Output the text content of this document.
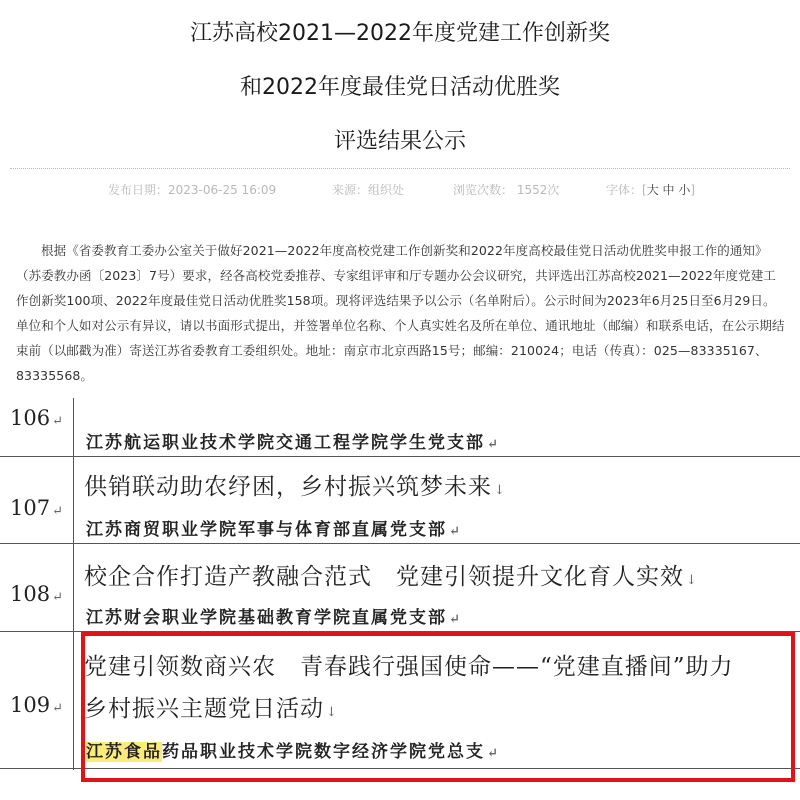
江苏高校2021—2022年度党建工作创新奖
和2022年度最佳党日活动优胜奖
评选结果公示
发布日期：2023-06-25 16:09	来源：组织处	浏览次数： 1552次	字体：[大 中 小]
根据《省委教育工委办公室关于做好2021—2022年度高校党建工作创新奖和2022年度高校最佳党日活动优胜奖申报工作的通知》（苏委教办函〔2023〕7号）要求，经各高校党委推荐、专家组评审和厅专题办公会议研究，共评选出江苏高校2021—2022年度党建工作创新奖100项、2022年度最佳党日活动优胜奖158项。现将评选结果予以公示（名单附后）。公示时间为2023年6月25日至6月29日。单位和个人如对公示有异议，请以书面形式提出，并签署单位名称、个人真实姓名及所在单位、通讯地址（邮编）和联系电话，在公示期结束前（以邮戳为准）寄送江苏省委教育工委组织处。地址：南京市北京西路15号；邮编：210024；电话（传真）：025—83335167、83335568。
106 ↵
江苏航运职业技术学院交通工程学院学生党支部 ↵
107 ↵
供销联动助农纾困，乡村振兴筑梦未来 ↓
江苏商贸职业学院军事与体育部直属党支部 ↵
108 ↵
校企合作打造产教融合范式　党建引领提升文化育人实效 ↓
江苏财会职业学院基础教育学院直属党支部 ↵
109 ↵
党建引领数商兴农　青春践行强国使命——“党建直播间”助力
乡村振兴主题党日活动 ↓
江苏食品药品职业技术学院数字经济学院党总支 ↵
